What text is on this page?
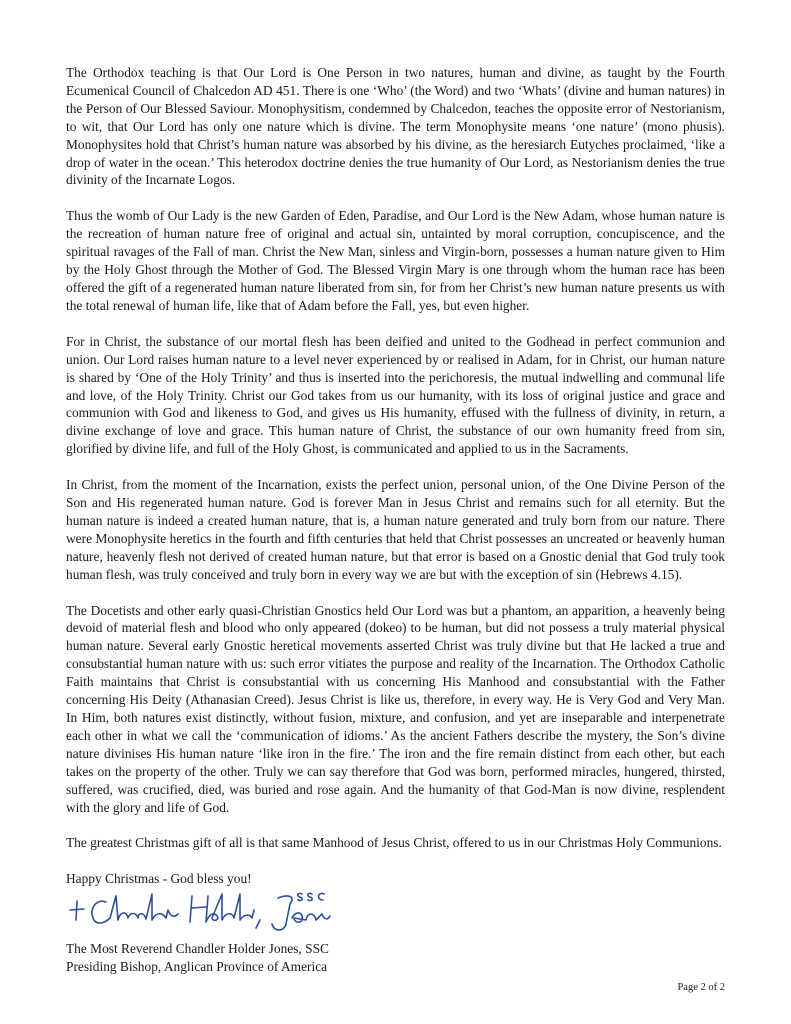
The Orthodox teaching is that Our Lord is One Person in two natures, human and divine, as taught by the Fourth Ecumenical Council of Chalcedon AD 451. There is one ‘Who’ (the Word) and two ‘Whats’ (divine and human natures) in the Person of Our Blessed Saviour. Monophysitism, condemned by Chalcedon, teaches the opposite error of Nestorianism, to wit, that Our Lord has only one nature which is divine. The term Monophysite means ‘one nature’ (mono phusis). Monophysites hold that Christ’s human nature was absorbed by his divine, as the heresiarch Eutyches proclaimed, ‘like a drop of water in the ocean.’ This heterodox doctrine denies the true humanity of Our Lord, as Nestorianism denies the true divinity of the Incarnate Logos.

Thus the womb of Our Lady is the new Garden of Eden, Paradise, and Our Lord is the New Adam, whose human nature is the recreation of human nature free of original and actual sin, untainted by moral corruption, concupiscence, and the spiritual ravages of the Fall of man. Christ the New Man, sinless and Virgin-born, possesses a human nature given to Him by the Holy Ghost through the Mother of God. The Blessed Virgin Mary is one through whom the human race has been offered the gift of a regenerated human nature liberated from sin, for from her Christ’s new human nature presents us with the total renewal of human life, like that of Adam before the Fall, yes, but even higher.

For in Christ, the substance of our mortal flesh has been deified and united to the Godhead in perfect communion and union. Our Lord raises human nature to a level never experienced by or realised in Adam, for in Christ, our human nature is shared by ‘One of the Holy Trinity’ and thus is inserted into the perichoresis, the mutual indwelling and communal life and love, of the Holy Trinity. Christ our God takes from us our humanity, with its loss of original justice and grace and communion with God and likeness to God, and gives us His humanity, effused with the fullness of divinity, in return, a divine exchange of love and grace. This human nature of Christ, the substance of our own humanity freed from sin, glorified by divine life, and full of the Holy Ghost, is communicated and applied to us in the Sacraments.

In Christ, from the moment of the Incarnation, exists the perfect union, personal union, of the One Divine Person of the Son and His regenerated human nature. God is forever Man in Jesus Christ and remains such for all eternity. But the human nature is indeed a created human nature, that is, a human nature generated and truly born from our nature. There were Monophysite heretics in the fourth and fifth centuries that held that Christ possesses an uncreated or heavenly human nature, heavenly flesh not derived of created human nature, but that error is based on a Gnostic denial that God truly took human flesh, was truly conceived and truly born in every way we are but with the exception of sin (Hebrews 4.15).

The Docetists and other early quasi-Christian Gnostics held Our Lord was but a phantom, an apparition, a heavenly being devoid of material flesh and blood who only appeared (dokeo) to be human, but did not possess a truly material physical human nature. Several early Gnostic heretical movements asserted Christ was truly divine but that He lacked a true and consubstantial human nature with us: such error vitiates the purpose and reality of the Incarnation. The Orthodox Catholic Faith maintains that Christ is consubstantial with us concerning His Manhood and consubstantial with the Father concerning His Deity (Athanasian Creed). Jesus Christ is like us, therefore, in every way. He is Very God and Very Man. In Him, both natures exist distinctly, without fusion, mixture, and confusion, and yet are inseparable and interpenetrate each other in what we call the ‘communication of idioms.’ As the ancient Fathers describe the mystery, the Son’s divine nature divinises His human nature ‘like iron in the fire.’ The iron and the fire remain distinct from each other, but each takes on the property of the other. Truly we can say therefore that God was born, performed miracles, hungered, thirsted, suffered, was crucified, died, was buried and rose again. And the humanity of that God-Man is now divine, resplendent with the glory and life of God.

The greatest Christmas gift of all is that same Manhood of Jesus Christ, offered to us in our Christmas Holy Communions.

Happy Christmas - God bless you!

The Most Reverend Chandler Holder Jones, SSC

Presiding Bishop, Anglican Province of America

Page 2 of 2
